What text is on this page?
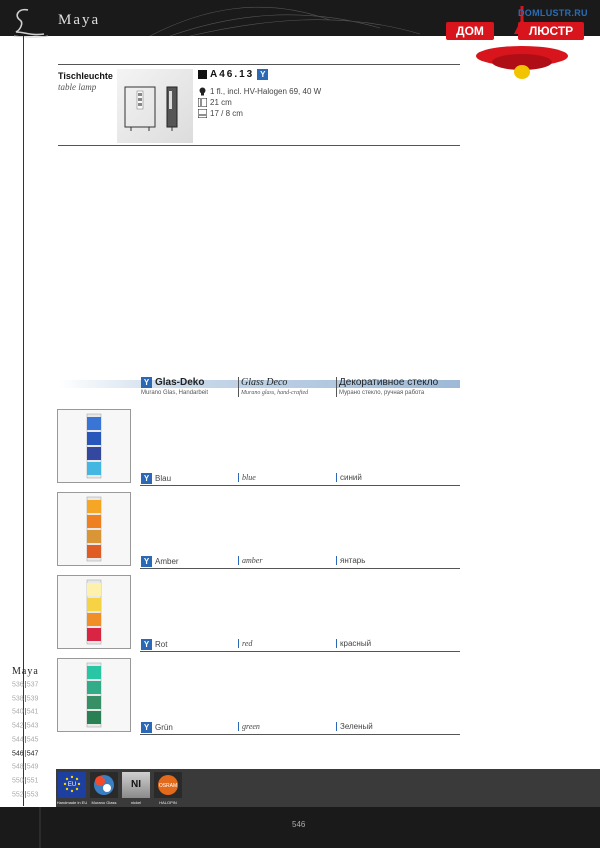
Maya	DOMLUSTR.RU
ДОМ	ЛЮСТР
Tischleuchte
table lamp
A46.13 Y
1 fl., incl. HV-Halogen 69, 40 W
21 cm
17 / 8 cm
Y Glas-Deko
Murano Glas, Handarbeit
Glass Deco
Murano glass, hand-crafted
Декоративное стекло
Мурано стекло, ручная работа
Y Blau	blue	синий
Y Amber	amber	янтарь
Y Rot	red	красный
Y Grün	green	Зеленый
Maya
536 537
538 539
540 541
542 543
544 545
546 547
548 549
550 551
552 553
EU
Handmade in EU	Murano Glass
NI
nickel
OSRAM
HALOPIN
546
